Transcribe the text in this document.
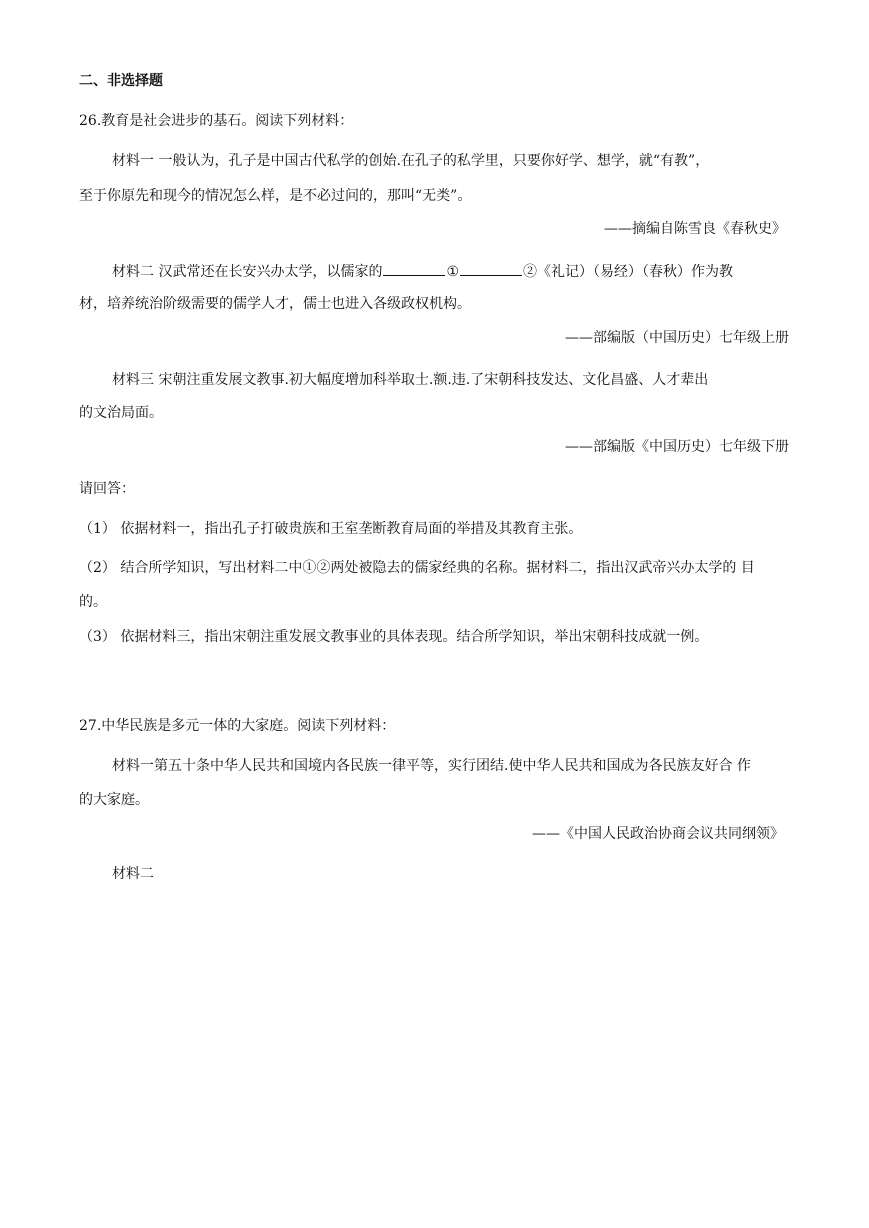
二、非选择题
26.教育是社会进步的基石。阅读下列材料：
材料一 一般认为，孔子是中国古代私学的创始.在孔子的私学里，只要你好学、想学，就“有教”，
至于你原先和现今的情况怎么样，是不必过问的，那叫“无类”。
——摘编自陈雪良《春秋史》
材料二 汉武常还在长安兴办太学，以儒家的	①	②《礼记）（易经）（春秋）作为教
材，培养统治阶级需要的儒学人才，儒士也进入各级政权机构。
——部编版（中国历史）七年级上册
材料三 宋朝注重发展文教事.初大幅度增加科举取士.额.违.了宋朝科技发达、文化昌盛、人才辈出
的文治局面。
——部编版《中国历史）七年级下册
请回答：
（1） 依据材料一，指出孔子打破贵族和王室垄断教育局面的举措及其教育主张。
（2） 结合所学知识，写出材料二中①②两处被隐去的儒家经典的名称。据材料二，指出汉武帝兴办太学的 目
的。
（3） 依据材料三，指出宋朝注重发展文教事业的具体表现。结合所学知识，举出宋朝科技成就一例。
27.中华民族是多元一体的大家庭。阅读下列材料：
材料一第五十条中华人民共和国境内各民族一律平等，实行团结.使中华人民共和国成为各民族友好合 作
的大家庭。
——《中国人民政治协商会议共同纲领》
材料二
